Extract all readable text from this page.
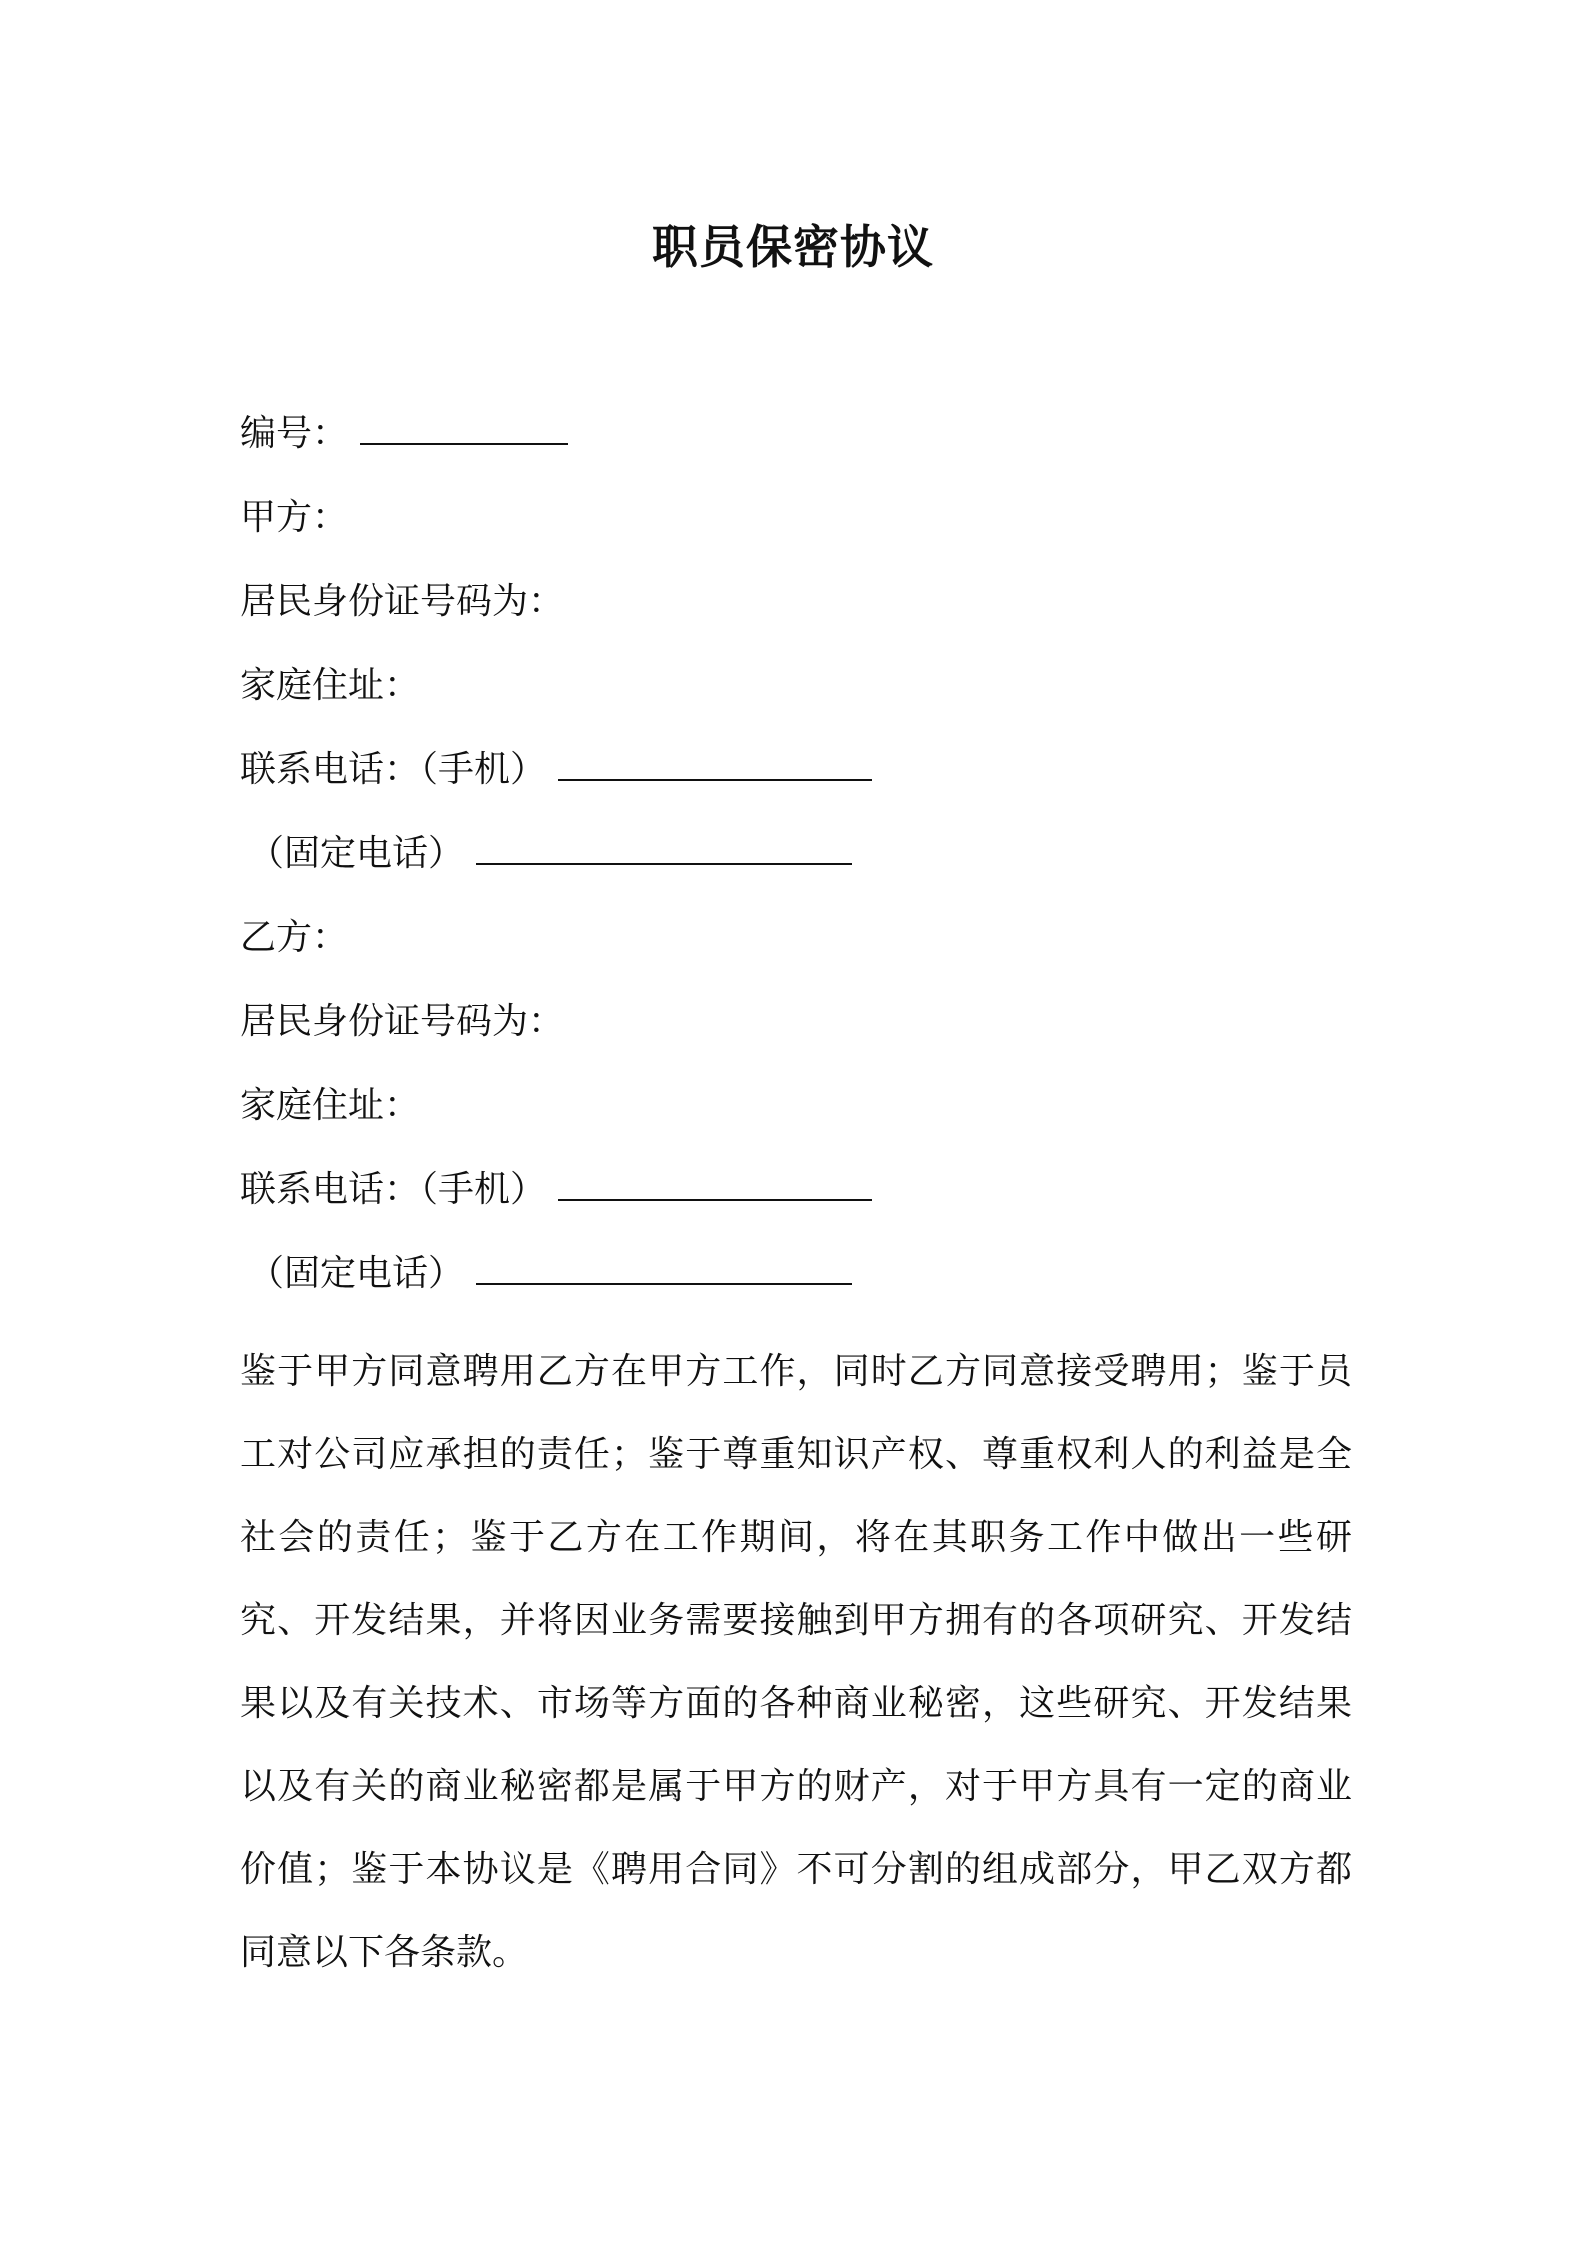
职员保密协议
编号：
甲方：
居民身份证号码为：
家庭住址：
联系电话：（手机）
（固定电话）
乙方：
居民身份证号码为：
家庭住址：
联系电话：（手机）
（固定电话）
鉴于甲方同意聘用乙方在甲方工作，同时乙方同意接受聘用；鉴于员工对公司应承担的责任；鉴于尊重知识产权、尊重权利人的利益是全社会的责任；鉴于乙方在工作期间，将在其职务工作中做出一些研究、开发结果，并将因业务需要接触到甲方拥有的各项研究、开发结果以及有关技术、市场等方面的各种商业秘密，这些研究、开发结果以及有关的商业秘密都是属于甲方的财产，对于甲方具有一定的商业价值；鉴于本协议是《聘用合同》不可分割的组成部分，甲乙双方都同意以下各条款。
